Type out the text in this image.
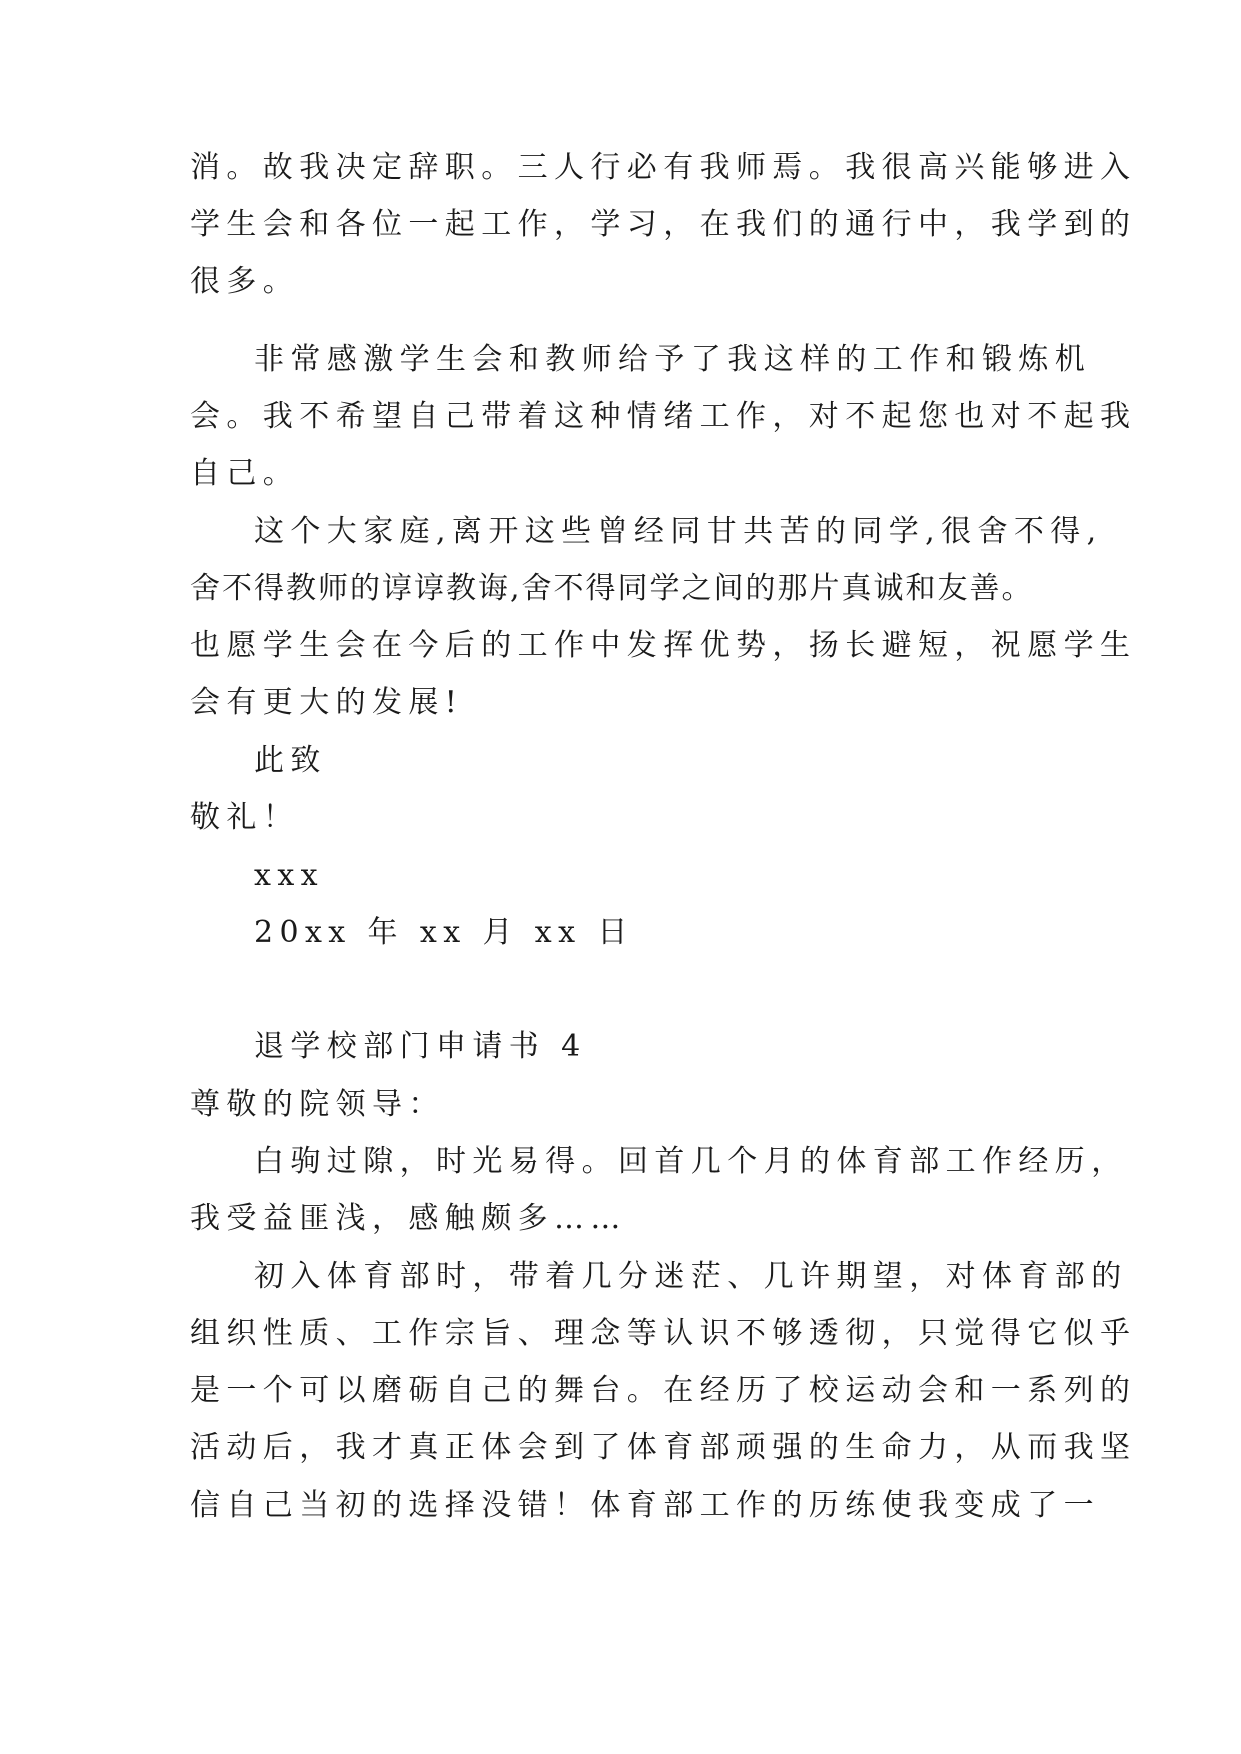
消。故我决定辞职。三人行必有我师焉。我很高兴能够进入
学生会和各位一起工作，学习，在我们的通行中，我学到的
很多。
非常感激学生会和教师给予了我这样的工作和锻炼机
会。我不希望自己带着这种情绪工作，对不起您也对不起我
自己。
这个大家庭,离开这些曾经同甘共苦的同学,很舍不得,
舍不得教师的谆谆教诲,舍不得同学之间的那片真诚和友善。
也愿学生会在今后的工作中发挥优势，扬长避短，祝愿学生
会有更大的发展!
此致
敬礼！
xxx
20xx 年 xx 月 xx 日
退学校部门申请书 4
尊敬的院领导：
白驹过隙，时光易得。回首几个月的体育部工作经历，
我受益匪浅，感触颇多……
初入体育部时，带着几分迷茫、几许期望，对体育部的
组织性质、工作宗旨、理念等认识不够透彻，只觉得它似乎
是一个可以磨砺自己的舞台。在经历了校运动会和一系列的
活动后，我才真正体会到了体育部顽强的生命力，从而我坚
信自己当初的选择没错！体育部工作的历练使我变成了一
